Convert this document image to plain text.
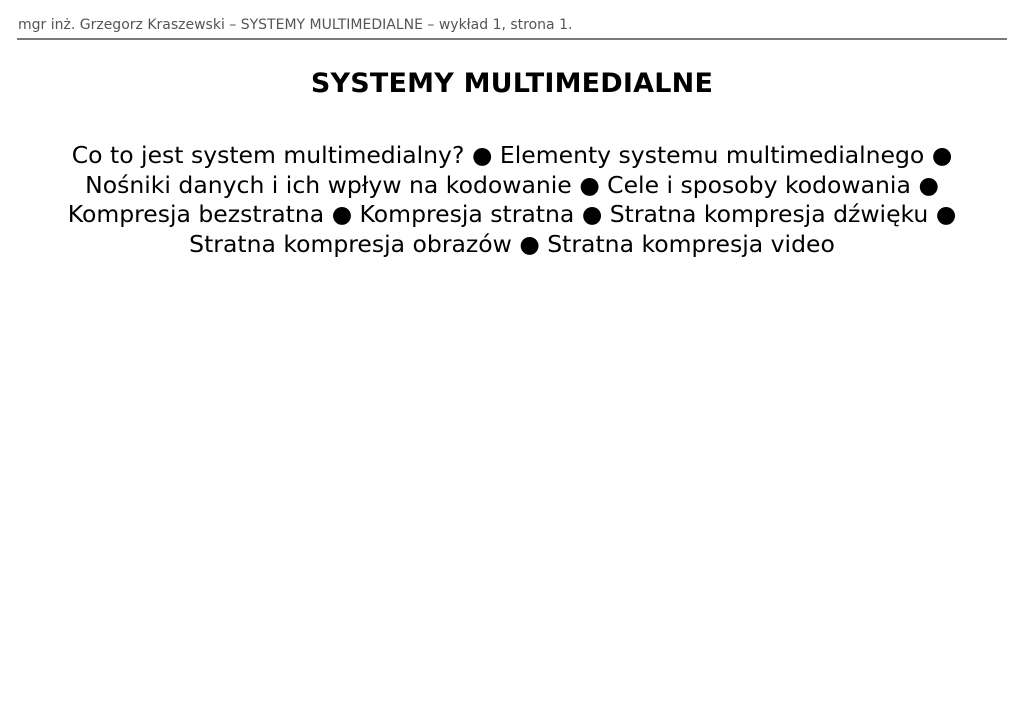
mgr inż. Grzegorz Kraszewski – SYSTEMY MULTIMEDIALNE – wykład 1, strona 1.
SYSTEMY MULTIMEDIALNE
Co to jest system multimedialny? ● Elementy systemu multimedialnego ●
Nośniki danych i ich wpływ na kodowanie ● Cele i sposoby kodowania ●
Kompresja bezstratna ● Kompresja stratna ● Stratna kompresja dźwięku ●
Stratna kompresja obrazów ● Stratna kompresja video
